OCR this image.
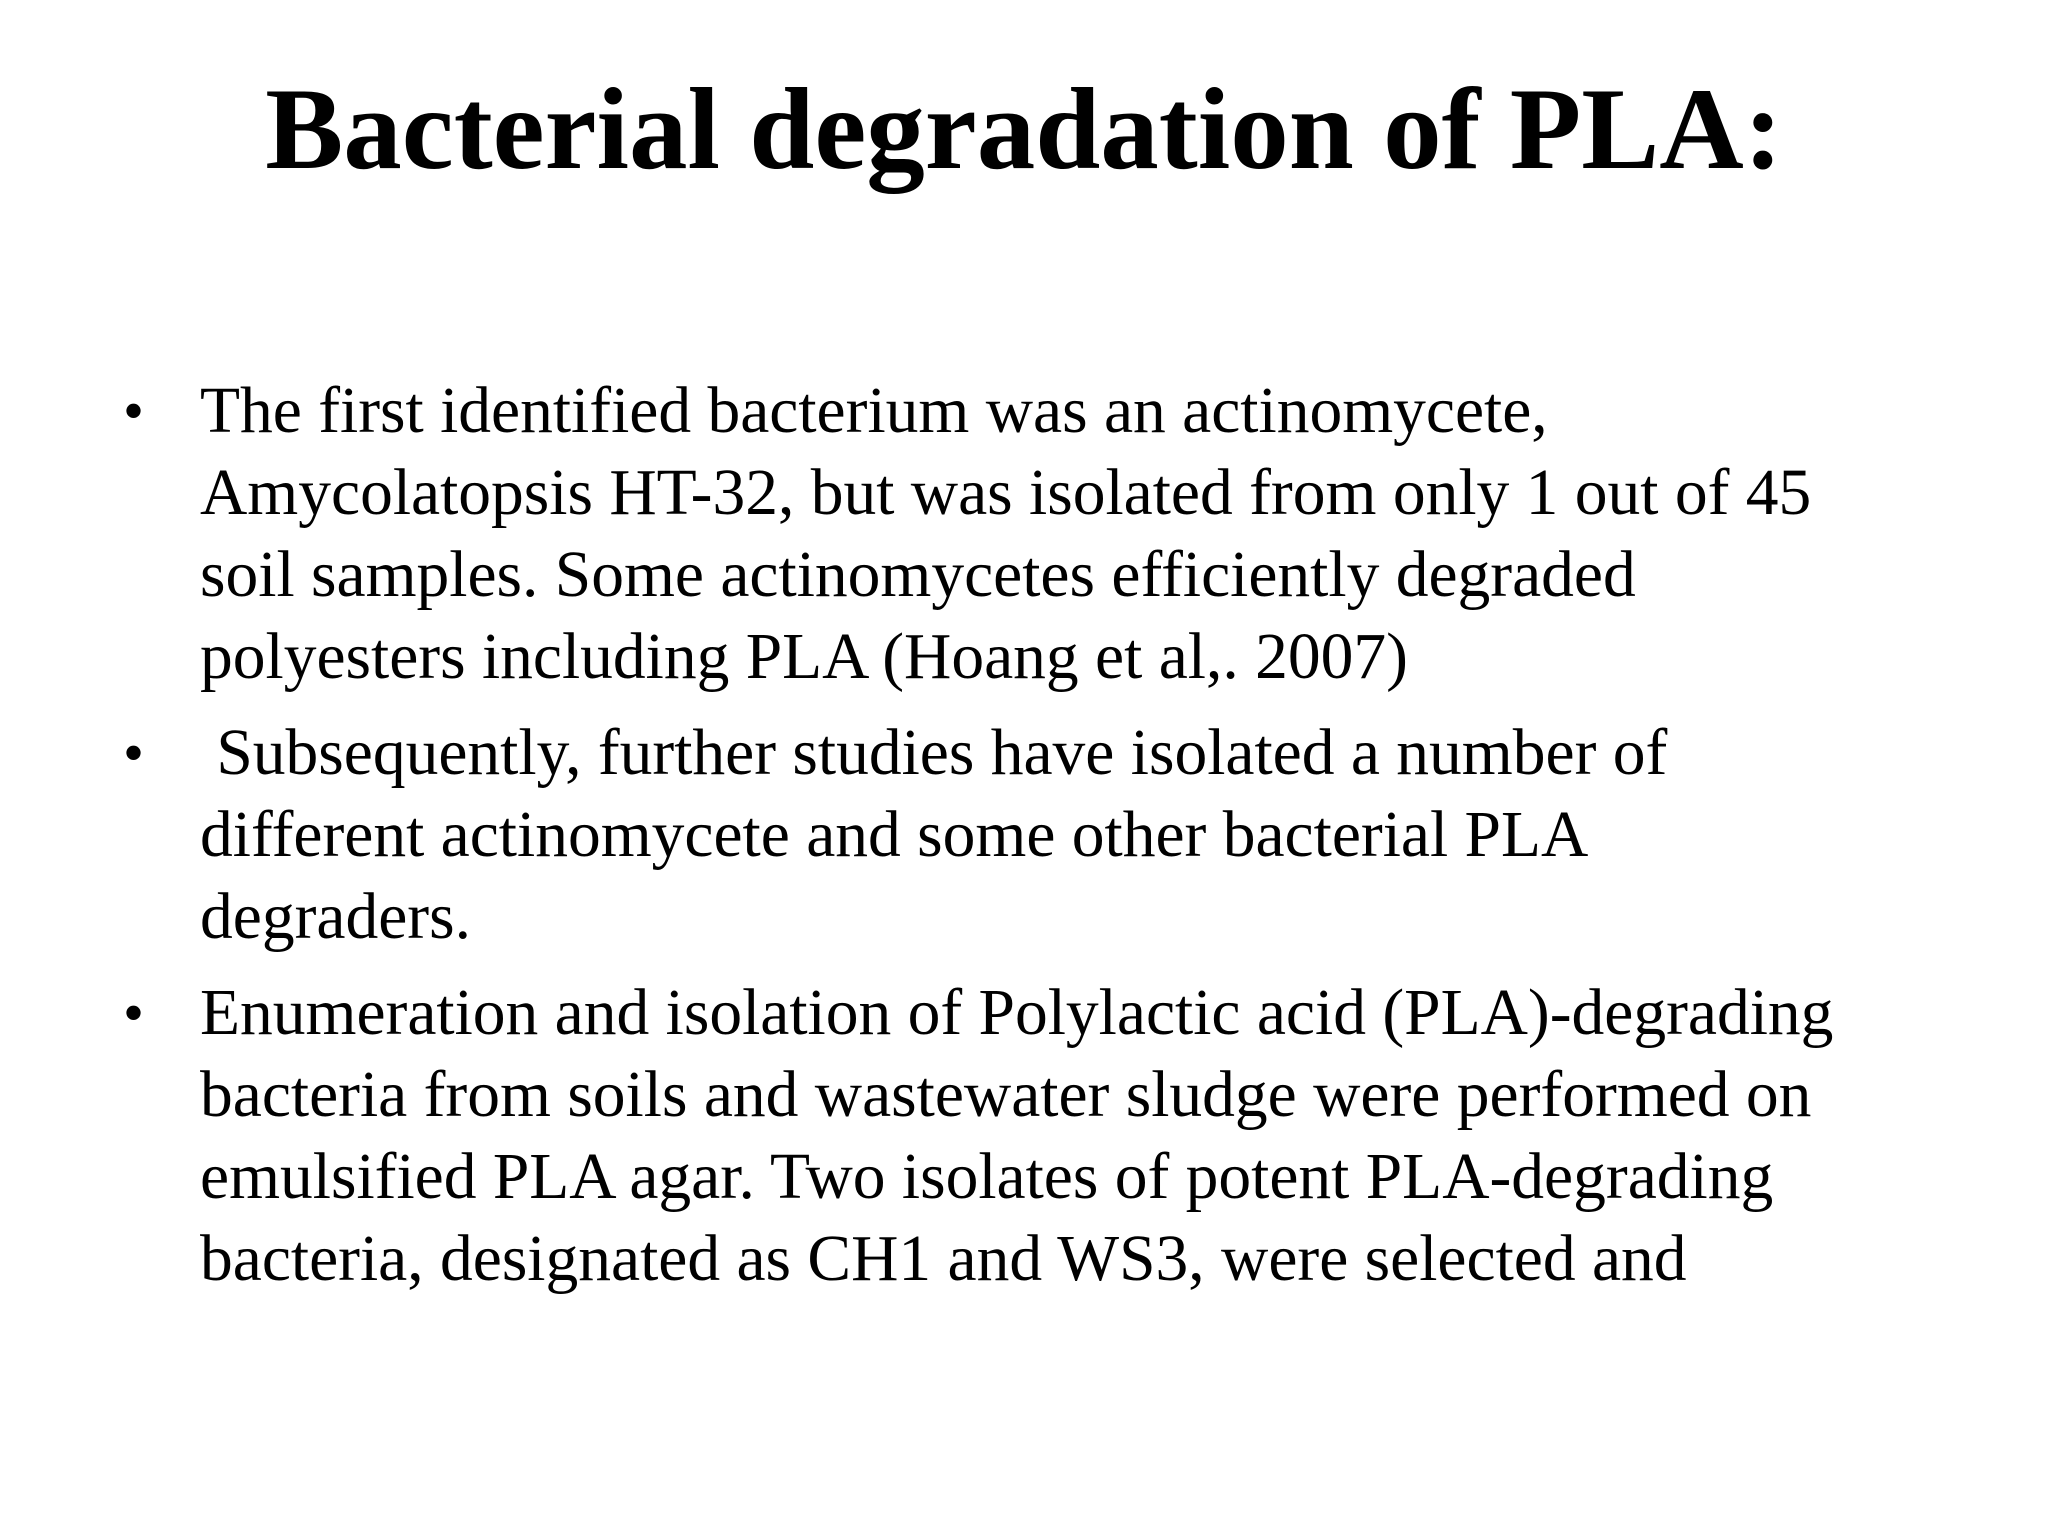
Bacterial degradation of PLA:
• The first identified bacterium was an actinomycete,
Amycolatopsis HT-32, but was isolated from only 1 out of 45
soil samples. Some actinomycetes efficiently degraded
polyesters including PLA (Hoang et al,. 2007)
• Subsequently, further studies have isolated a number of
different actinomycete and some other bacterial PLA
degraders.
• Enumeration and isolation of Polylactic acid (PLA)-degrading
bacteria from soils and wastewater sludge were performed on
emulsified PLA agar. Two isolates of potent PLA-degrading
bacteria, designated as CH1 and WS3, were selected and
